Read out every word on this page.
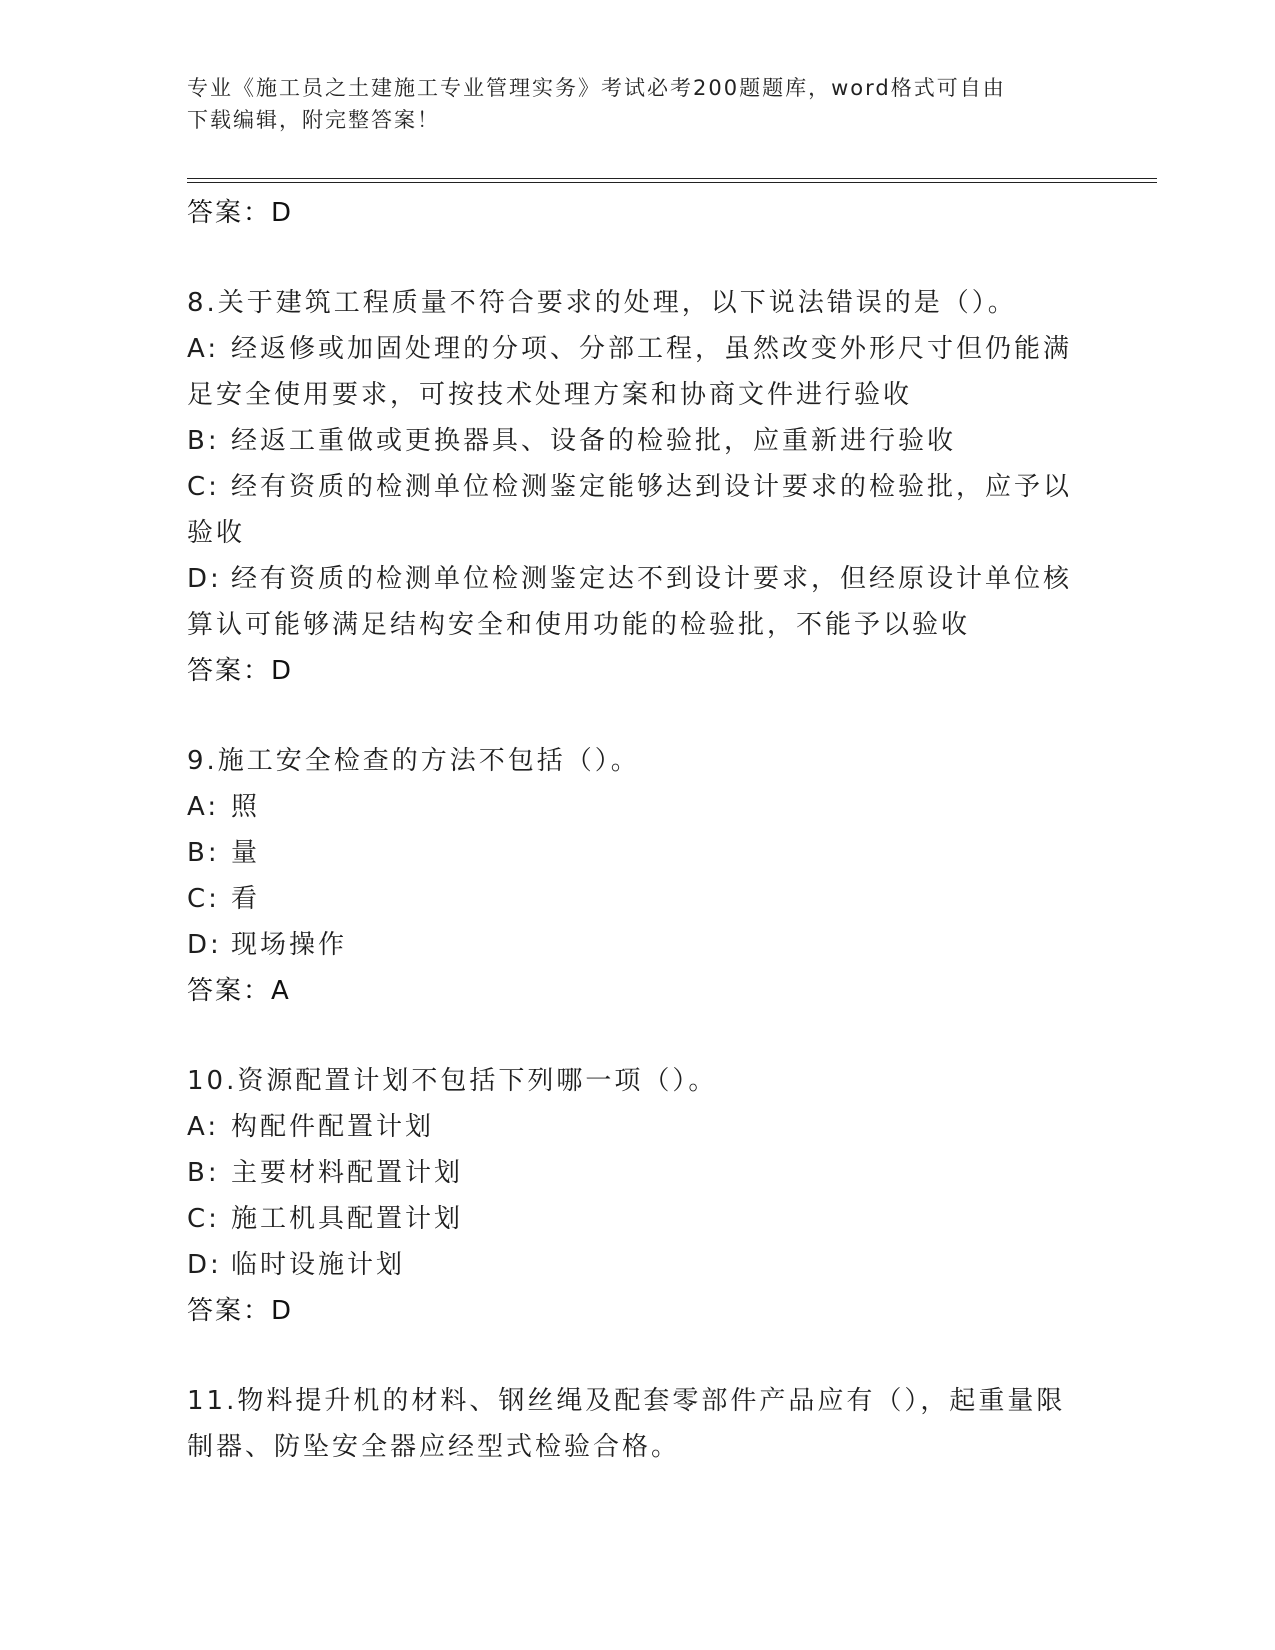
专业《施工员之土建施工专业管理实务》考试必考200题题库，word格式可自由
下载编辑，附完整答案！

答案：D

8.关于建筑工程质量不符合要求的处理，以下说法错误的是（）。

A: 经返修或加固处理的分项、分部工程，虽然改变外形尺寸但仍能满

足安全使用要求，可按技术处理方案和协商文件进行验收

B: 经返工重做或更换器具、设备的检验批，应重新进行验收

C: 经有资质的检测单位检测鉴定能够达到设计要求的检验批，应予以

验收

D: 经有资质的检测单位检测鉴定达不到设计要求，但经原设计单位核

算认可能够满足结构安全和使用功能的检验批，不能予以验收

答案：D

9.施工安全检查的方法不包括（）。

A: 照

B: 量

C: 看

D: 现场操作

答案：A

10.资源配置计划不包括下列哪一项（）。

A: 构配件配置计划

B: 主要材料配置计划

C: 施工机具配置计划

D: 临时设施计划

答案：D

11.物料提升机的材料、钢丝绳及配套零部件产品应有（），起重量限

制器、防坠安全器应经型式检验合格。
